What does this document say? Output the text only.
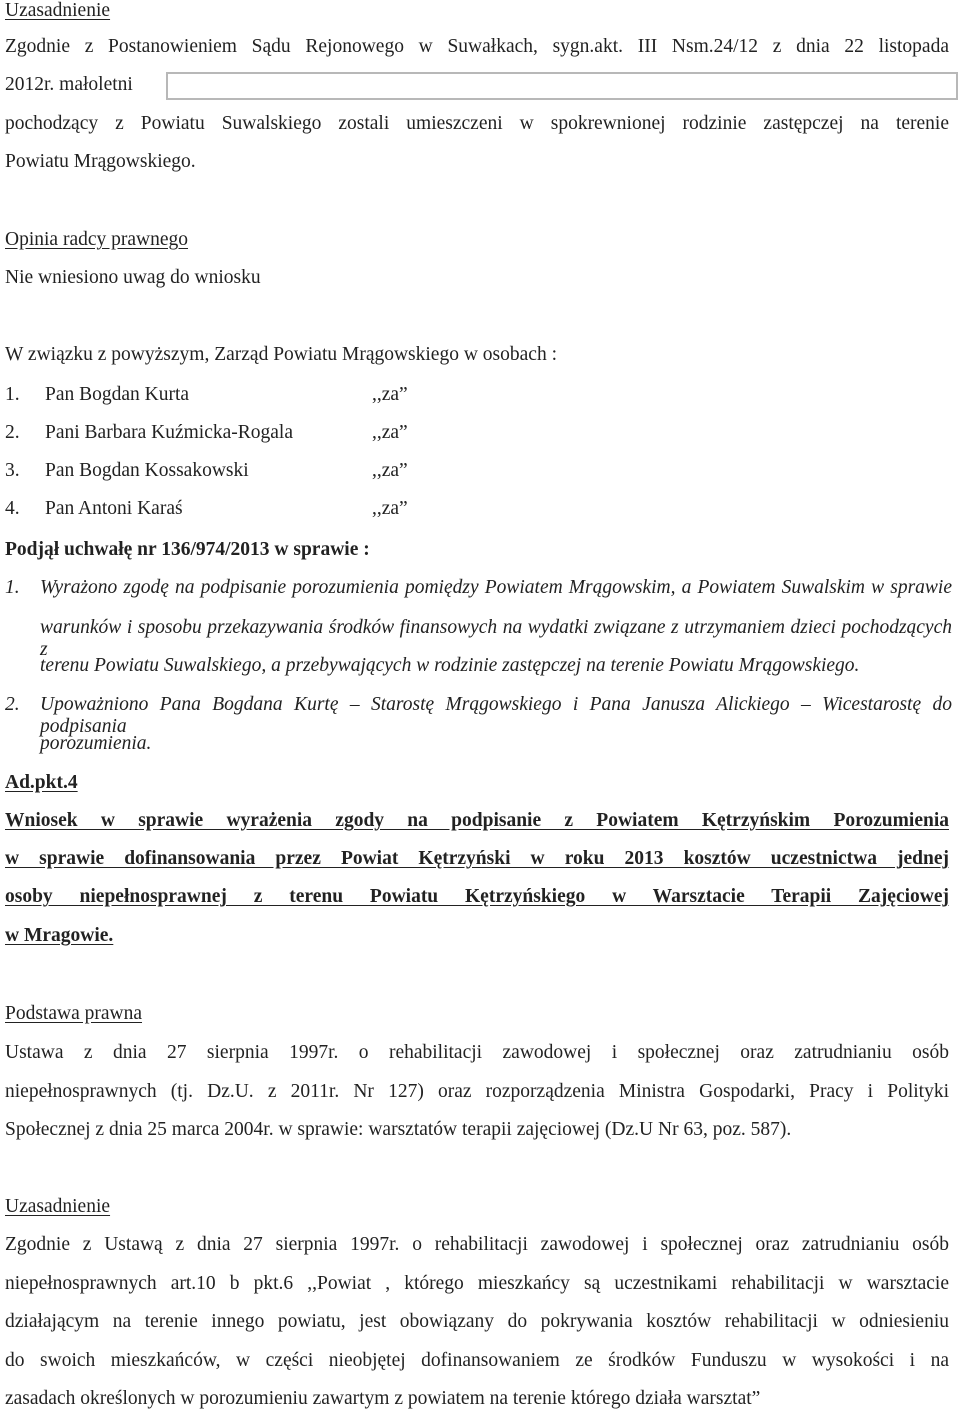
Uzasadnienie
Zgodnie z Postanowieniem Sądu Rejonowego w Suwałkach, sygn.akt. III Nsm.24/12 z dnia 22 listopada
2012r. małoletni
pochodzący z Powiatu Suwalskiego zostali umieszczeni w spokrewnionej rodzinie zastępczej na terenie
Powiatu Mrągowskiego.
Opinia radcy prawnego
Nie wniesiono uwag do wniosku
W związku z powyższym, Zarząd Powiatu Mrągowskiego w osobach :
1. Pan Bogdan Kurta	,,za”
2. Pani Barbara Kuźmicka-Rogala	,,za”
3. Pan Bogdan Kossakowski	,,za”
4. Pan Antoni Karaś	,,za”
Podjął uchwałę nr 136/974/2013 w sprawie :
1. Wyrażono zgodę na podpisanie porozumienia pomiędzy Powiatem Mrągowskim, a Powiatem Suwalskim w sprawie
warunków i sposobu przekazywania środków finansowych na wydatki związane z utrzymaniem dzieci pochodzących z
terenu Powiatu Suwalskiego, a przebywających w rodzinie zastępczej na terenie Powiatu Mrągowskiego.
2. Upoważniono Pana Bogdana Kurtę – Starostę Mrągowskiego i Pana Janusza Alickiego – Wicestarostę do podpisania
porozumienia.
Ad.pkt.4
Wniosek w sprawie wyrażenia zgody na podpisanie z Powiatem Kętrzyńskim Porozumienia
w sprawie dofinansowania przez Powiat Kętrzyński w roku 2013 kosztów uczestnictwa jednej
osoby niepełnosprawnej z terenu Powiatu Kętrzyńskiego w Warsztacie Terapii Zajęciowej
w Mragowie.
Podstawa prawna
Ustawa z dnia 27 sierpnia 1997r. o rehabilitacji zawodowej i społecznej oraz zatrudnianiu osób
niepełnosprawnych (tj. Dz.U. z 2011r. Nr 127) oraz rozporządzenia Ministra Gospodarki, Pracy i Polityki
Społecznej z dnia 25 marca 2004r. w sprawie: warsztatów terapii zajęciowej (Dz.U Nr 63, poz. 587).
Uzasadnienie
Zgodnie z Ustawą z dnia 27 sierpnia 1997r. o rehabilitacji zawodowej i społecznej oraz zatrudnianiu osób
niepełnosprawnych art.10 b pkt.6 ,,Powiat , którego mieszkańcy są uczestnikami rehabilitacji w warsztacie
działającym na terenie innego powiatu, jest obowiązany do pokrywania kosztów rehabilitacji w odniesieniu
do swoich mieszkańców, w części nieobjętej dofinansowaniem ze środków Funduszu w wysokości i na
zasadach określonych w porozumieniu zawartym z powiatem na terenie którego działa warsztat”
